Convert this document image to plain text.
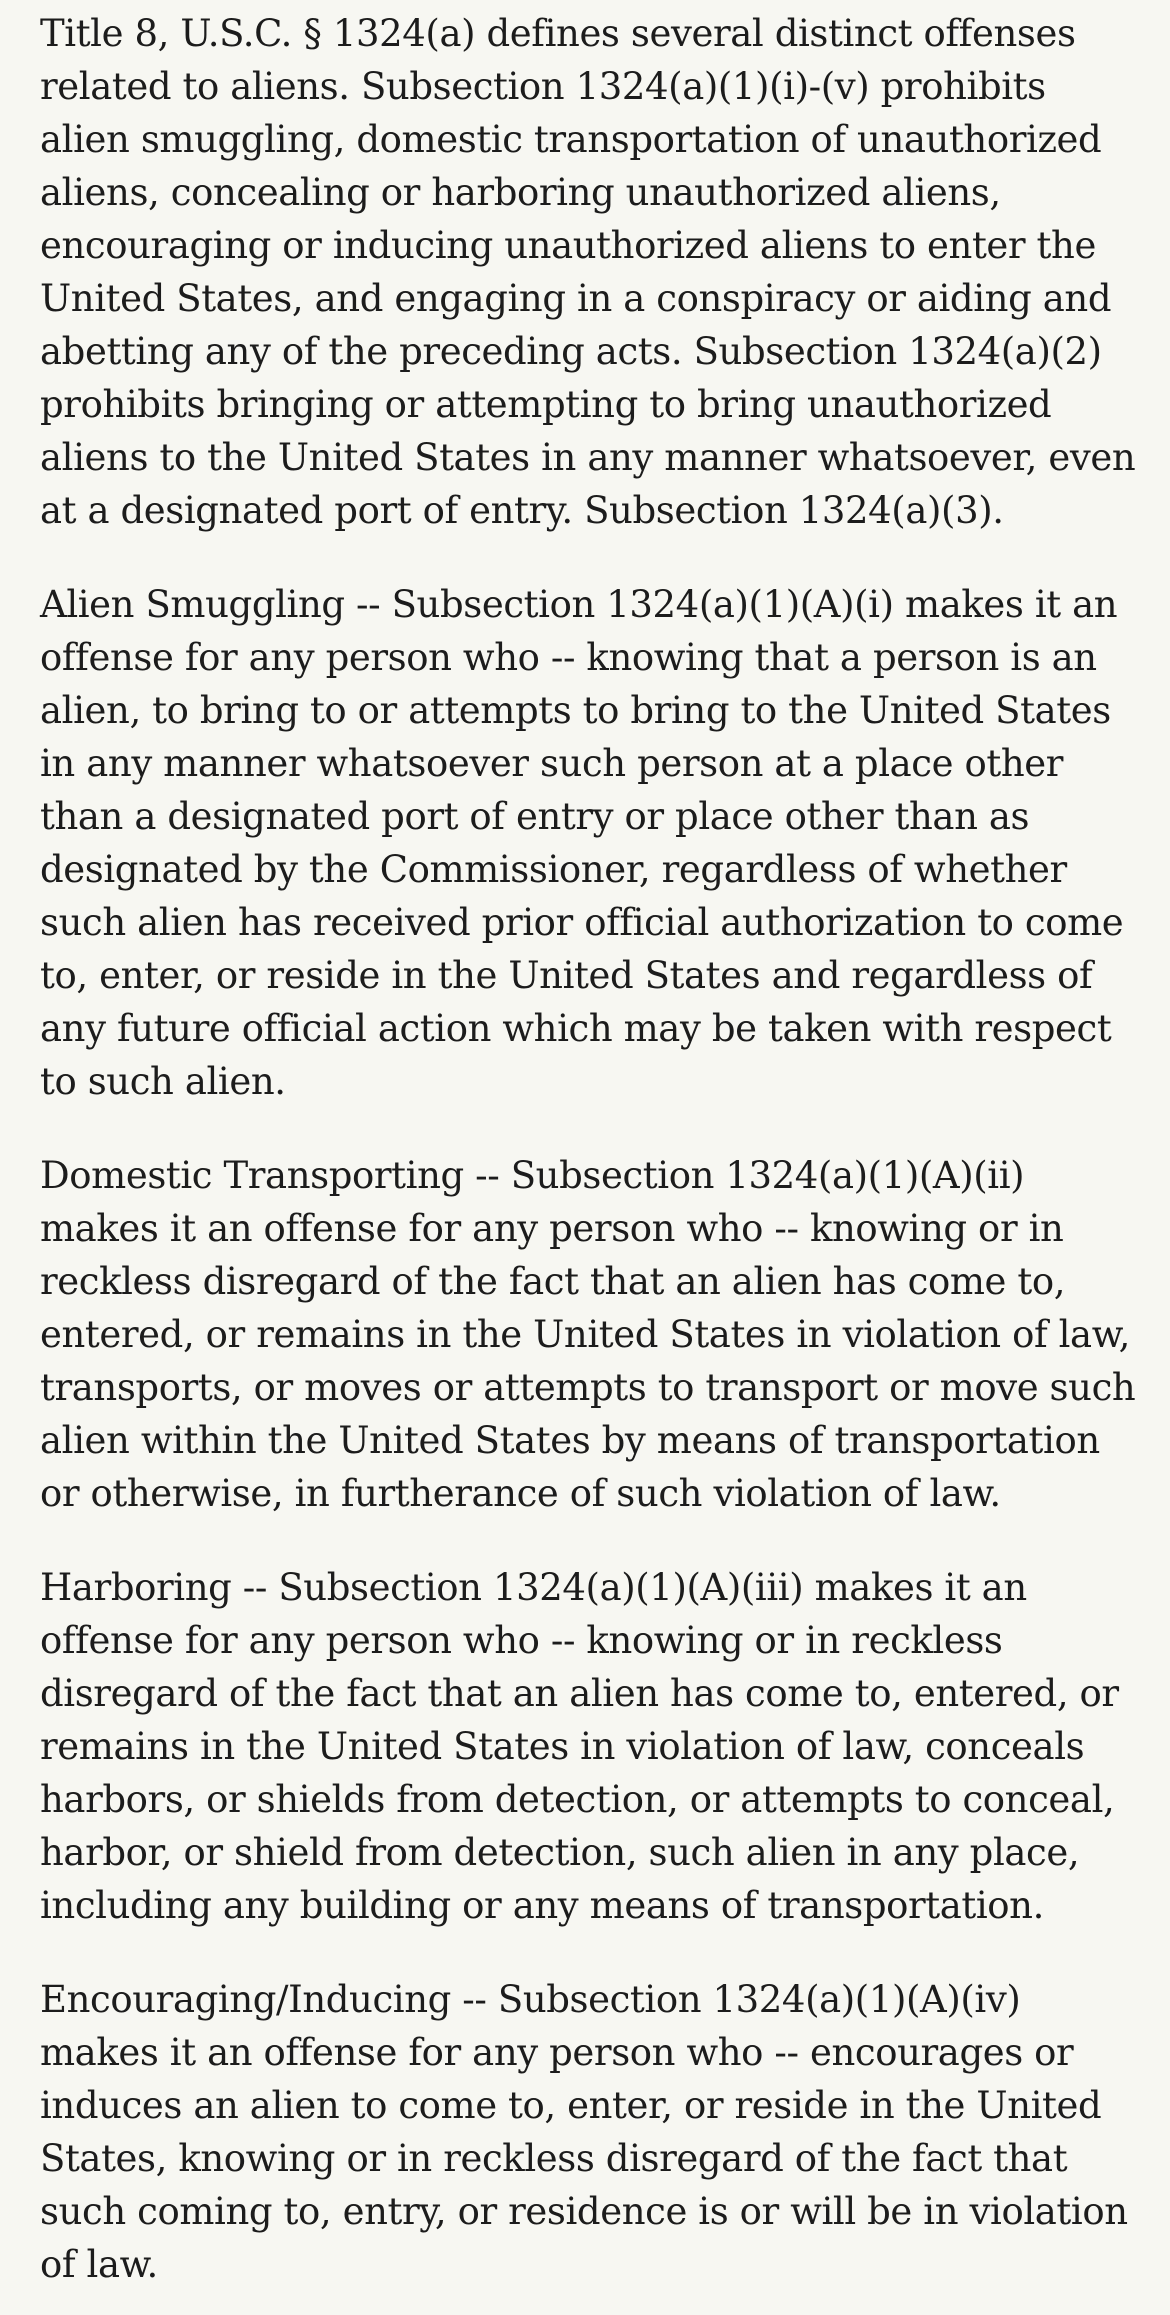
Title 8, U.S.C. § 1324(a) defines several distinct offenses related to aliens. Subsection 1324(a)(1)(i)-(v) prohibits alien smuggling, domestic transportation of unauthorized aliens, concealing or harboring unauthorized aliens, encouraging or inducing unauthorized aliens to enter the United States, and engaging in a conspiracy or aiding and abetting any of the preceding acts. Subsection 1324(a)(2) prohibits bringing or attempting to bring unauthorized aliens to the United States in any manner whatsoever, even at a designated port of entry. Subsection 1324(a)(3).

Alien Smuggling -- Subsection 1324(a)(1)(A)(i) makes it an offense for any person who -- knowing that a person is an alien, to bring to or attempts to bring to the United States in any manner whatsoever such person at a place other than a designated port of entry or place other than as designated by the Commissioner, regardless of whether such alien has received prior official authorization to come to, enter, or reside in the United States and regardless of any future official action which may be taken with respect to such alien.

Domestic Transporting -- Subsection 1324(a)(1)(A)(ii) makes it an offense for any person who -- knowing or in reckless disregard of the fact that an alien has come to, entered, or remains in the United States in violation of law, transports, or moves or attempts to transport or move such alien within the United States by means of transportation or otherwise, in furtherance of such violation of law.

Harboring -- Subsection 1324(a)(1)(A)(iii) makes it an offense for any person who -- knowing or in reckless disregard of the fact that an alien has come to, entered, or remains in the United States in violation of law, conceals harbors, or shields from detection, or attempts to conceal, harbor, or shield from detection, such alien in any place, including any building or any means of transportation.

Encouraging/Inducing -- Subsection 1324(a)(1)(A)(iv) makes it an offense for any person who -- encourages or induces an alien to come to, enter, or reside in the United States, knowing or in reckless disregard of the fact that such coming to, entry, or residence is or will be in violation of law.
